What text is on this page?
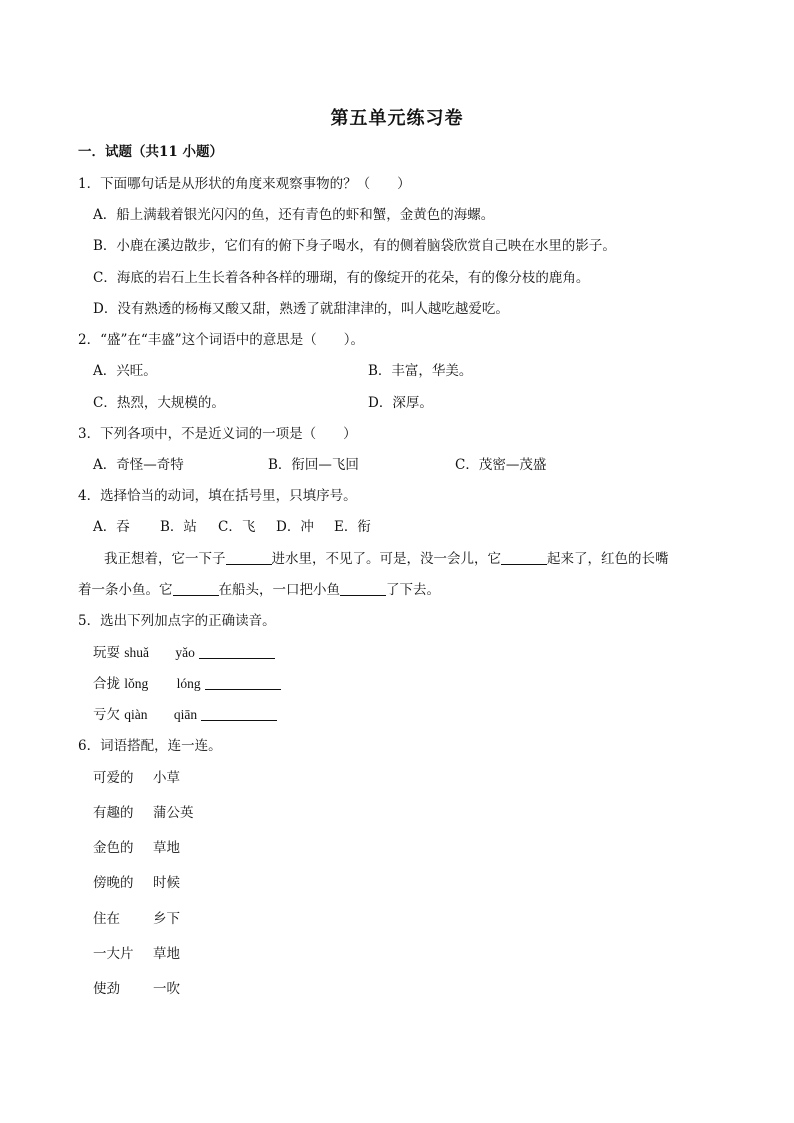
第五单元练习卷
一．试题（共11 小题）
1．下面哪句话是从形状的角度来观察事物的？（　　）
A．船上满载着银光闪闪的鱼，还有青色的虾和蟹，金黄色的海螺。
B．小鹿在溪边散步，它们有的俯下身子喝水，有的侧着脑袋欣赏自己映在水里的影子。
C．海底的岩石上生长着各种各样的珊瑚，有的像绽开的花朵，有的像分枝的鹿角。
D．没有熟透的杨梅又酸又甜，熟透了就甜津津的，叫人越吃越爱吃。
2．“盛”在“丰盛”这个词语中的意思是（　　）。
A．兴旺。	B．丰富，华美。
C．热烈，大规模的。	D．深厚。
3．下列各项中，不是近义词的一项是（　　）
A．奇怪—奇特	B．衔回—飞回	C．茂密—茂盛
4．选择恰当的动词，填在括号里，只填序号。
A．吞 B．站 C．飞 D．冲 E．衔
我正想着，它一下子	进水里，不见了。可是，没一会儿，它	起来了，红色的长嘴
着一条小鱼。它	在船头，一口把小鱼	了下去。
5．选出下列加点字的正确读音。
玩耍 shuǎ yǎo
合拢 lǒng lóng
亏欠 qiàn qiān
6．词语搭配，连一连。
可爱的 小草
有趣的 蒲公英
金色的 草地
傍晚的 时候
住在 乡下
一大片 草地
使劲 一吹
